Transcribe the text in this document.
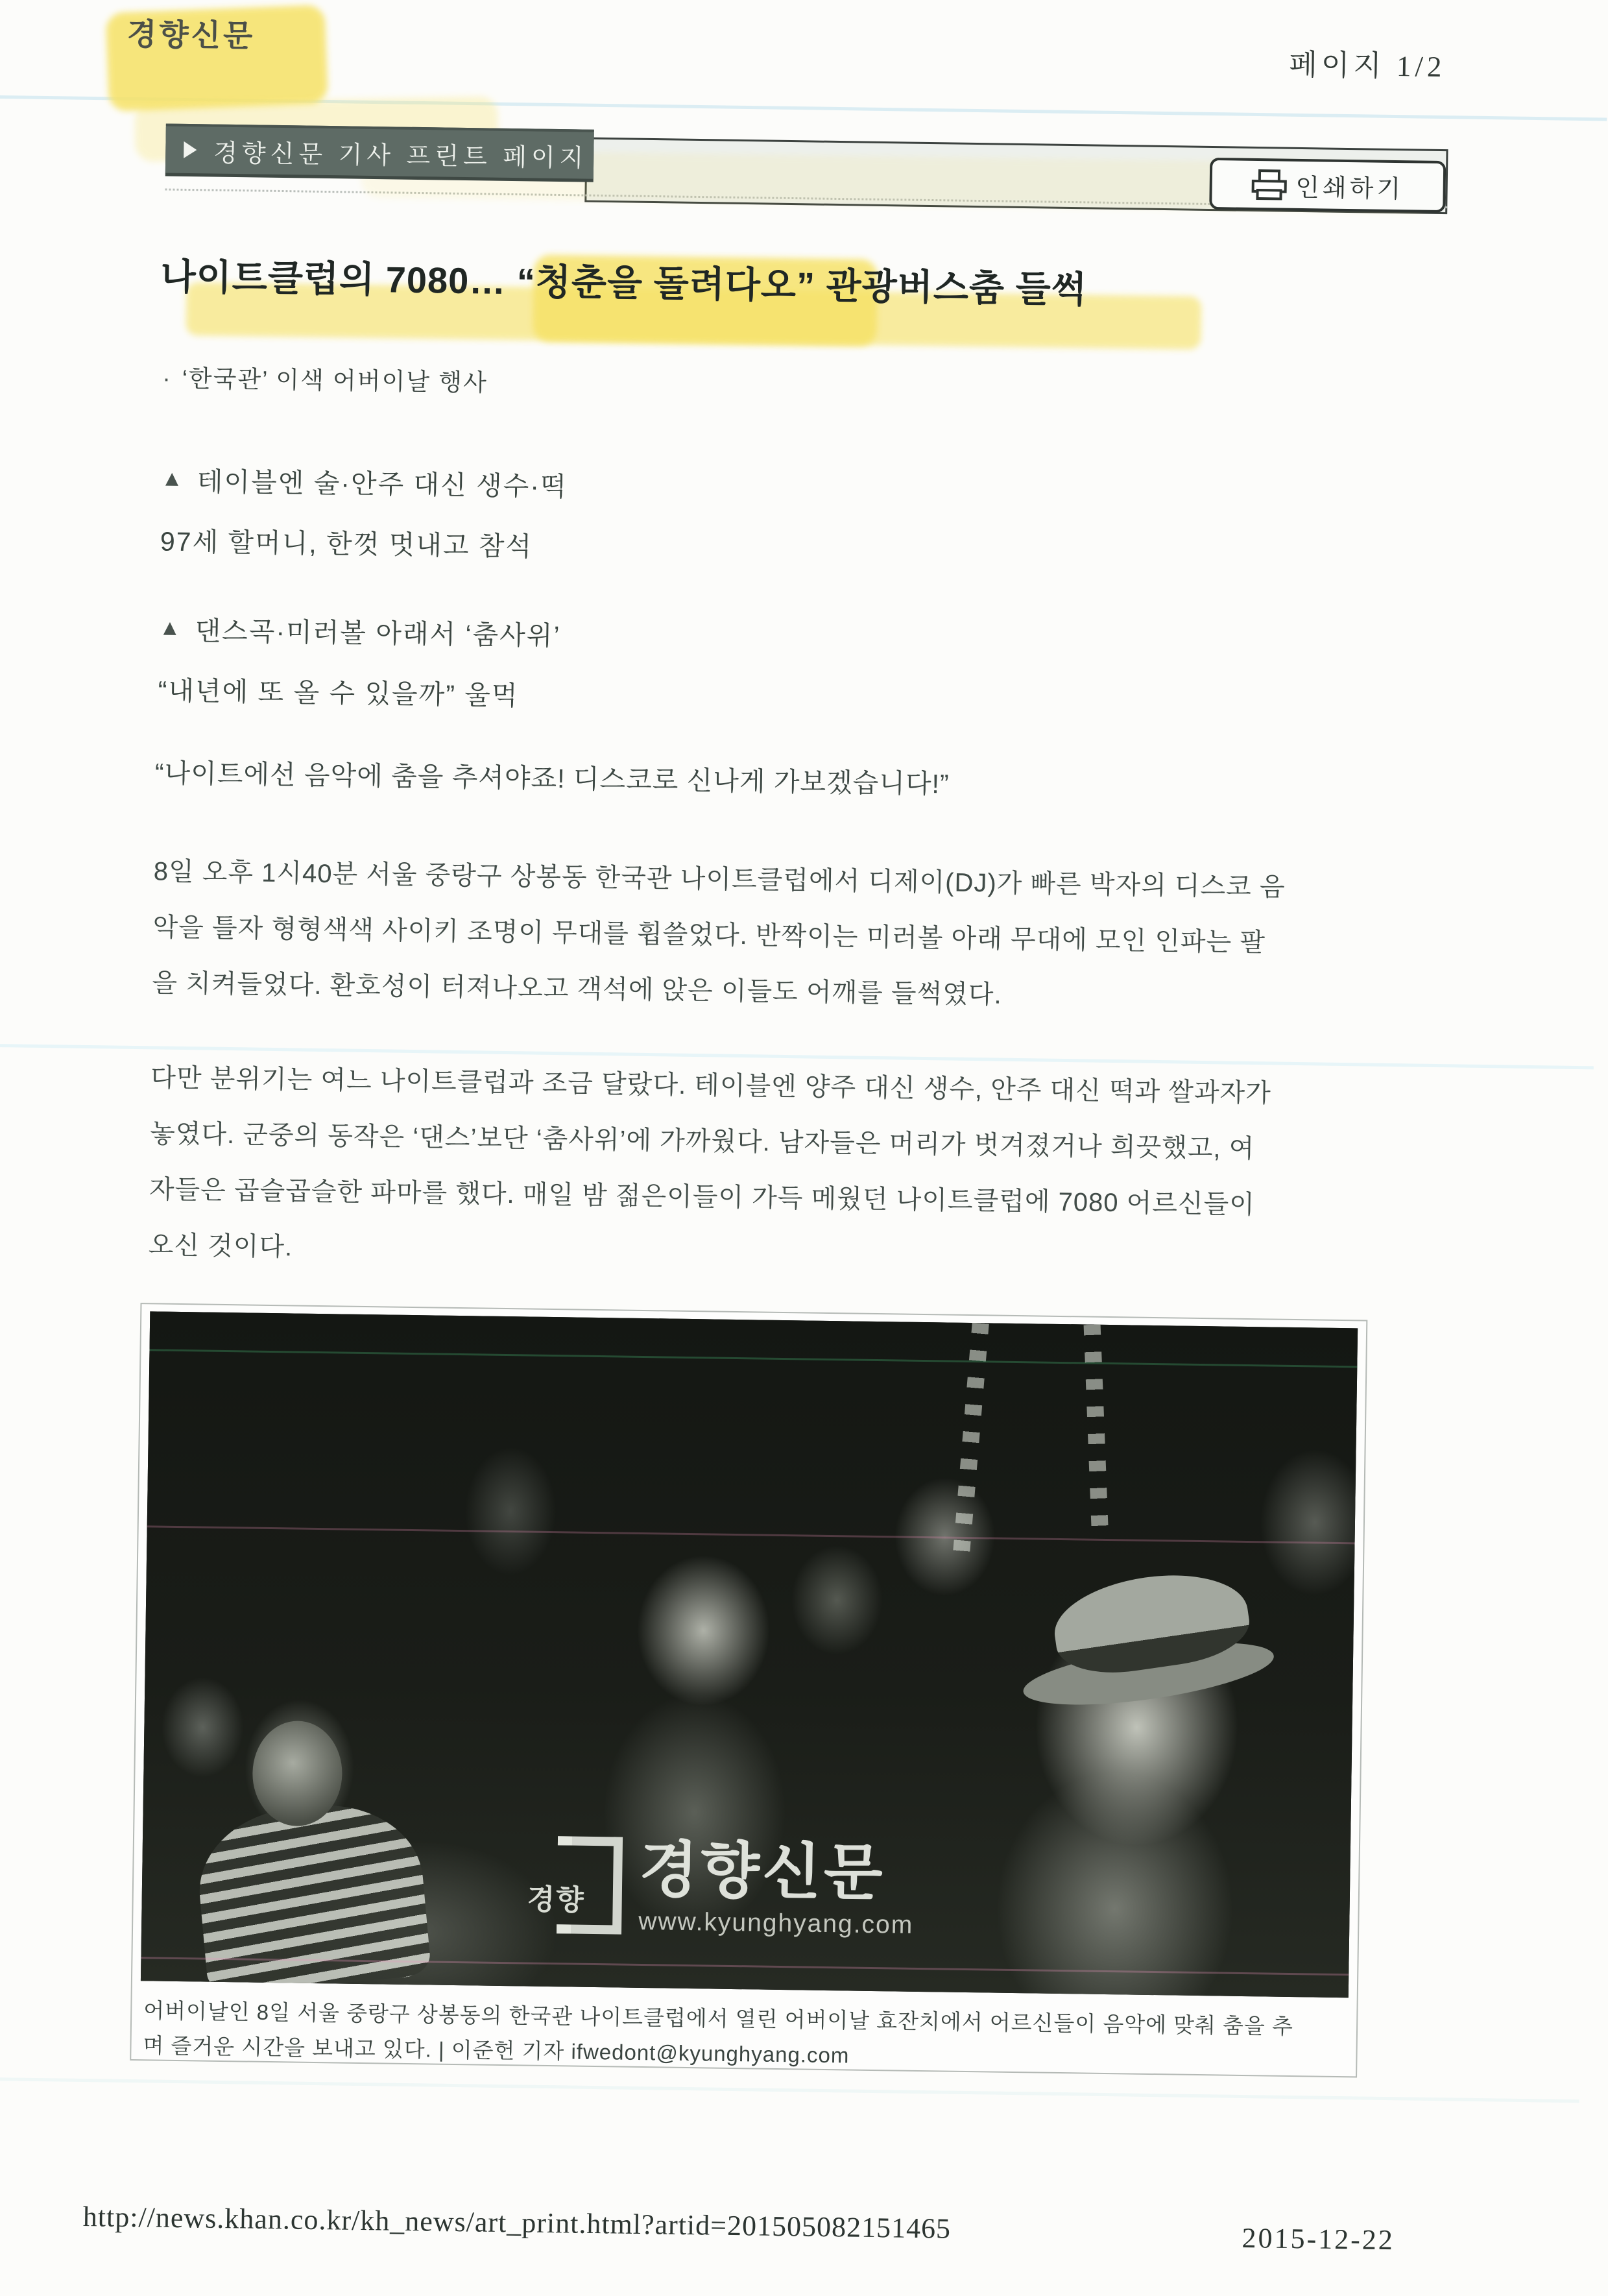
경향신문
페이지 1/2
경향신문 기사 프린트 페이지
인쇄하기
나이트클럽의 7080… “청춘을 돌려다오” 관광버스춤 들썩
· ‘한국관’ 이색 어버이날 행사
▲ 테이블엔 술·안주 대신 생수·떡
97세 할머니, 한껏 멋내고 참석
▲ 댄스곡·미러볼 아래서 ‘춤사위’
“내년에 또 올 수 있을까” 울먹
“나이트에선 음악에 춤을 추셔야죠! 디스코로 신나게 가보겠습니다!”
8일 오후 1시40분 서울 중랑구 상봉동 한국관 나이트클럽에서 디제이(DJ)가 빠른 박자의 디스코 음
악을 틀자 형형색색 사이키 조명이 무대를 휩쓸었다. 반짝이는 미러볼 아래 무대에 모인 인파는 팔
을 치켜들었다. 환호성이 터져나오고 객석에 앉은 이들도 어깨를 들썩였다.
다만 분위기는 여느 나이트클럽과 조금 달랐다. 테이블엔 양주 대신 생수, 안주 대신 떡과 쌀과자가
놓였다. 군중의 동작은 ‘댄스’보단 ‘춤사위’에 가까웠다. 남자들은 머리가 벗겨졌거나 희끗했고, 여
자들은 곱슬곱슬한 파마를 했다. 매일 밤 젊은이들이 가득 메웠던 나이트클럽에 7080 어르신들이
오신 것이다.
경향 경향신문
www.kyunghyang.com
어버이날인 8일 서울 중랑구 상봉동의 한국관 나이트클럽에서 열린 어버이날 효잔치에서 어르신들이 음악에 맞춰 춤을 추
며 즐거운 시간을 보내고 있다. | 이준헌 기자 ifwedont@kyunghyang.com
http://news.khan.co.kr/kh_news/art_print.html?artid=201505082151465	2015-12-22
